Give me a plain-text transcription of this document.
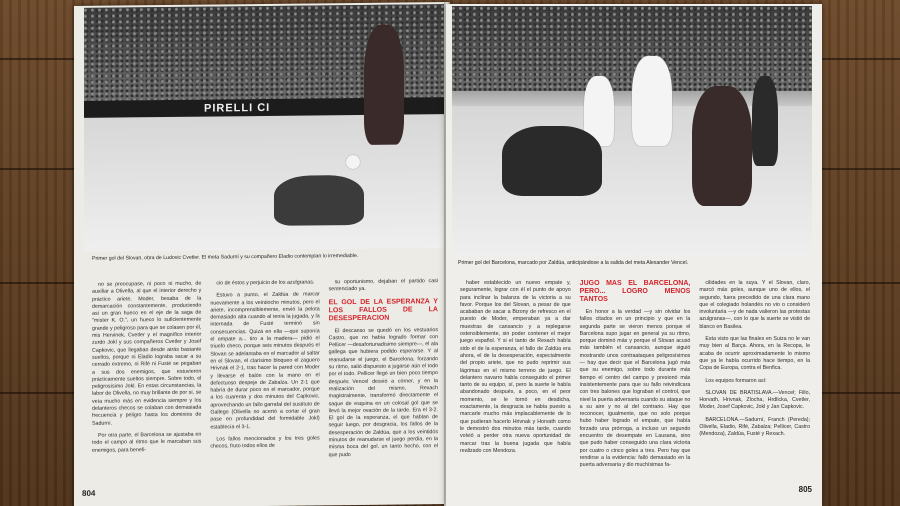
PIRELLI CI
Primer gol del Slovan, obra de Ludovic Cvetler. El meta Sadurní y su compañero Eladio contemplan lo irremediable.

no se preocupase, ni poco ni mucho, de auxiliar a Olivella, al que el interior derecho y práctico ariete, Moder, besaba de la demarcación constantemente, produciendo así un gran hueco en el eje de la saga de "míster K. O.", un hueco lo suficientemente grande y peligroso para que se colasen por él, mis Hervinek, Cvetler y el magnífico interior zurdo Jokl y sus compañeros Cvetler y Josef Capkovic, que llegaban desde atrás bastante sueltos, porque ni Eladio lograba sacar a su cerrado extremo, ni Rifé ni Fusté se pegaban a sus dos enemigos, que estuvieron prácticamente sueltos siempre. Sobre todo, el peligrosísimo Jokl. En estas circunstancias, la labor de Olivella, no muy brillante de por sí, se veía mucho más en evidencia siempre y los delanteros checos se colaban con demasiada frecuencia y peligro hasta los dominios de Sadurní.

Por otra parte, el Barcelona se ajustaba en todo el campo al ritmo que le marcaban sus enemigos, para benefi-

cio de éstos y perjuicio de los azulgranas.

Estuvo a punto, el Zaldúa de marcar nuevamente a los veintiocho minutos, pero el ariete, incomprensiblemente, envió la pelota demasiado alta cuando al tenía la jugada, y la internada de Fusté terminó sin consecuencias. Quizá en ella —que suponía el empate a... tiro a la madera— pidió el triunfo checo, porque seis minutos después el Slovan se adelantaba en el marcador al saltar en el Slovan, el clarísimo bloqueo el zaguero Hrivnak el 2-1, tras hacer la pared con Moder y llevarse el balón con la mano en el defectuoso despeje de Zabalza. Un 2-1 que habría de durar poco en el marcador, porque a los cuarenta y dos minutos del Capkovic, aprovechando un fallo garrafal del sustituto de Gallego (Olivella no acertó a cortar el gran pase en profundidad del formidable Jokl) establecía el 3-1.

Los fallos mencionados y los tres goles checos, fruto todos ellos de

su oportunismo, dejaban el partido casi sentenciado ya.

EL GOL DE LA ESPERANZA Y LOS FALLOS DE LA DESESPERACION

El descanso se quedó en los vestuarios Castro, que no había logrado formar con Pellicer —desafortunadísimo siempre—, el ala gallega que hubiera podido esperarse. Y al reanudarse el juego, el Barcelona, forzando su ritmo, salió dispuesto a jugarse aún el todo por el todo. Pellicer llegó un bien poco tiempo después Vencel desvió a córner, y en la realización del mismo, Rexach magistralmente, transformó directamente el saque de esquina en un colosal gol que se llevó la mejor ovación de la tarde. Era el 3-2. El gol de la esperanza, el que hablan de seguir luego, por desgracia, los fallos de la desesperación de Zaldúa, que a los veintidós minutos de reanudarse el juego perdía, en la misma boca del gol, un tanto hecho, con el que pudo

804
Primer gol del Barcelona, marcado por Zaldúa, anticipándose a la salida del meta Alexander Vencel.

haber establecido un nuevo empate y, seguramente, lograr con él el punto de apoyo para inclinar la balanza de la victoria a su favor. Porque los del Slovan, a pesar de que acababan de sacar a Bizony de refresco en el puesto de Moder, emperaban ya a dar muestras de cansancio y a replegarse ostensiblemente, sin poder contener el mejor juego español. Y si el tanto de Rexach había sido el de la esperanza, el fallo de Zaldúa era ahora, el de la desesperación, especialmente del propio ariete, que no pudo reprimir sus lágrimas en el mismo terreno de juego. El delantero navarro había conseguido el primer tanto de su equipo, sí, pero la suerte le había abandonado después, a poco, en el peor momento, se le tornó en desdicha, exactamente, la desgracia se había puesto a marcarle mucho más implacablemente de lo que pudieran hacerlo Hrivnak y Horvath como le demostró dos minutos más tarde, cuando volvió a perder otra nueva oportunidad de marcar tras la buena jugada que había realizado con Mendoza.

JUGO MAS EL BARCELONA, PERO... LOGRO MENOS TANTOS

En honor a la verdad —y sin olvidar los fallos citados en un principio y que en la segunda parte se vieron menos porque el Barcelona supo jugar en general ya su ritmo, porque dominó más y porque el Slovan acusó más también el cansancio, aunque siguió mostrando unos contraataques peligrosísimos— hay que decir que el Barcelona jugó más que su enemigo, sobre todo durante más tiempo el centro del campo y presionó más insistentemente para que su fallo reivindicara con tres balones que lograban el control, que nivel la puerta adversaria cuando su ataque no a su aire y no al del contrario. Hay que reconocer, igualmente, que no solo porque hubo haber logrado el empate, que había forzado una prórroga, a incluso un segundo encuentro de desempate en Lausana, sino que pudo haber conseguido una clara victoria por cuatro o cinco goles a tres. Pero hay que rendirse a la evidencia: falló demasiado en la puerta adversaria y dio muchísimas fa-

cilidades en la suya. Y el Slovan, claro, marcó más goles, aunque uno de ellos, el segundo, fuera precedido de una clara mano que el colegiado holandés no vio o consideró involuntaria —y de nada valieron las protestas azulgranas—, con lo que la suerte se vistió de blanco en Basilea.

Esta visto que las finales en Suiza no le van muy bien al Barça. Ahora, en la Recopa, le acaba de ocurrir aproximadamente lo mismo que ya le había ocurrido hace tiempo, en la Copa de Europa, contra el Benfica.

Los equipos formaron así:

SLOVAN DE BRATISLAVA.—Vencel; Fillo, Horvath, Hrivnak, Zlocha, Hrdlicka, Cvetler, Moder, Josef Capkovic, Jokl y Jan Capkovic.

BARCELONA.—Sadurní, Franch (Pereda); Olivella, Eladio, Rifé, Zabalza; Pellicer, Castro (Mendoza), Zaldúa, Fusté y Rexach.

805
